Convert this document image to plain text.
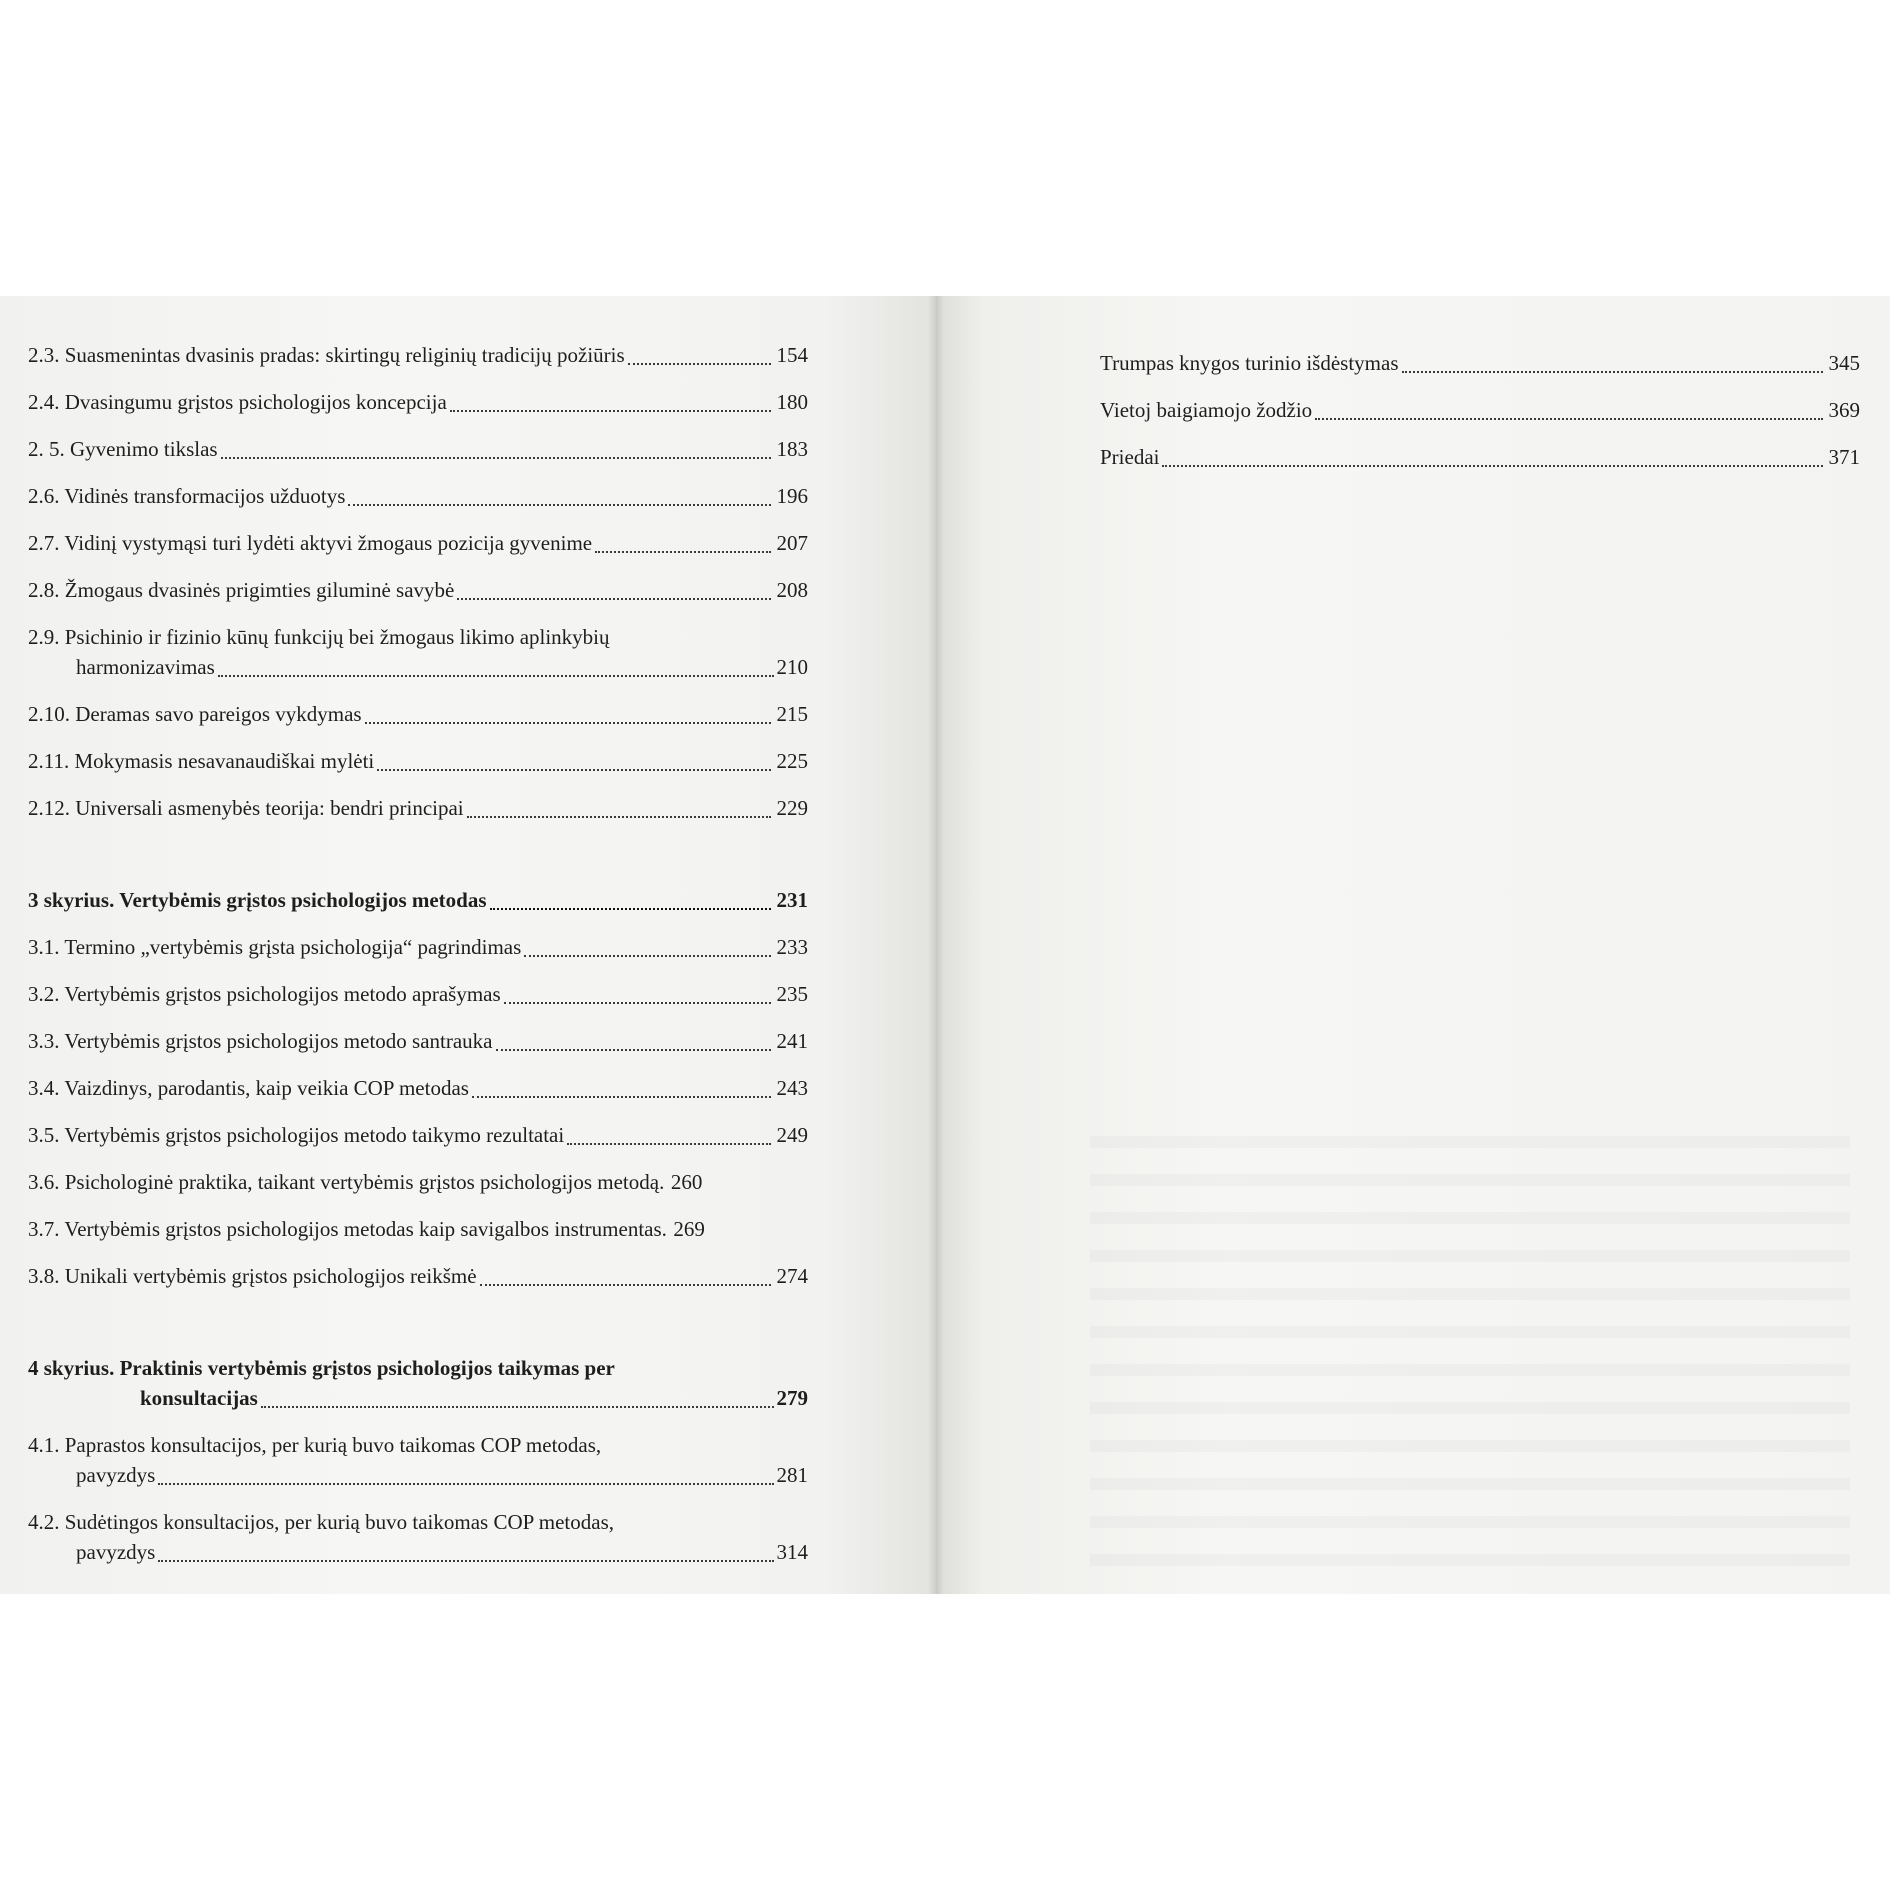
2.3. Suasmenintas dvasinis pradas: skirtingų religinių tradicijų požiūris	154
2.4. Dvasingumu grįstos psichologijos koncepcija	180
2. 5. Gyvenimo tikslas	183
2.6. Vidinės transformacijos užduotys	196
2.7. Vidinį vystymąsi turi lydėti aktyvi žmogaus pozicija gyvenime	207
2.8. Žmogaus dvasinės prigimties giluminė savybė	208
2.9. Psichinio ir fizinio kūnų funkcijų bei žmogaus likimo aplinkybių
harmonizavimas	210
2.10. Deramas savo pareigos vykdymas	215
2.11. Mokymasis nesavanaudiškai mylėti	225
2.12. Universali asmenybės teorija: bendri principai	229
3 skyrius. Vertybėmis grįstos psichologijos metodas	231
3.1. Termino „vertybėmis grįsta psichologija“ pagrindimas	233
3.2. Vertybėmis grįstos psichologijos metodo aprašymas	235
3.3. Vertybėmis grįstos psichologijos metodo santrauka	241
3.4. Vaizdinys, parodantis, kaip veikia COP metodas	243
3.5. Vertybėmis grįstos psichologijos metodo taikymo rezultatai	249
3.6. Psichologinė praktika, taikant vertybėmis grįstos psichologijos metodą. 260
3.7. Vertybėmis grįstos psichologijos metodas kaip savigalbos instrumentas. 269
3.8. Unikali vertybėmis grįstos psichologijos reikšmė	274
4 skyrius. Praktinis vertybėmis grįstos psichologijos taikymas per
konsultacijas	279
4.1. Paprastos konsultacijos, per kurią buvo taikomas COP metodas,
pavyzdys	281
4.2. Sudėtingos konsultacijos, per kurią buvo taikomas COP metodas,
pavyzdys	314
Trumpas knygos turinio išdėstymas	345
Vietoj baigiamojo žodžio	369
Priedai	371
